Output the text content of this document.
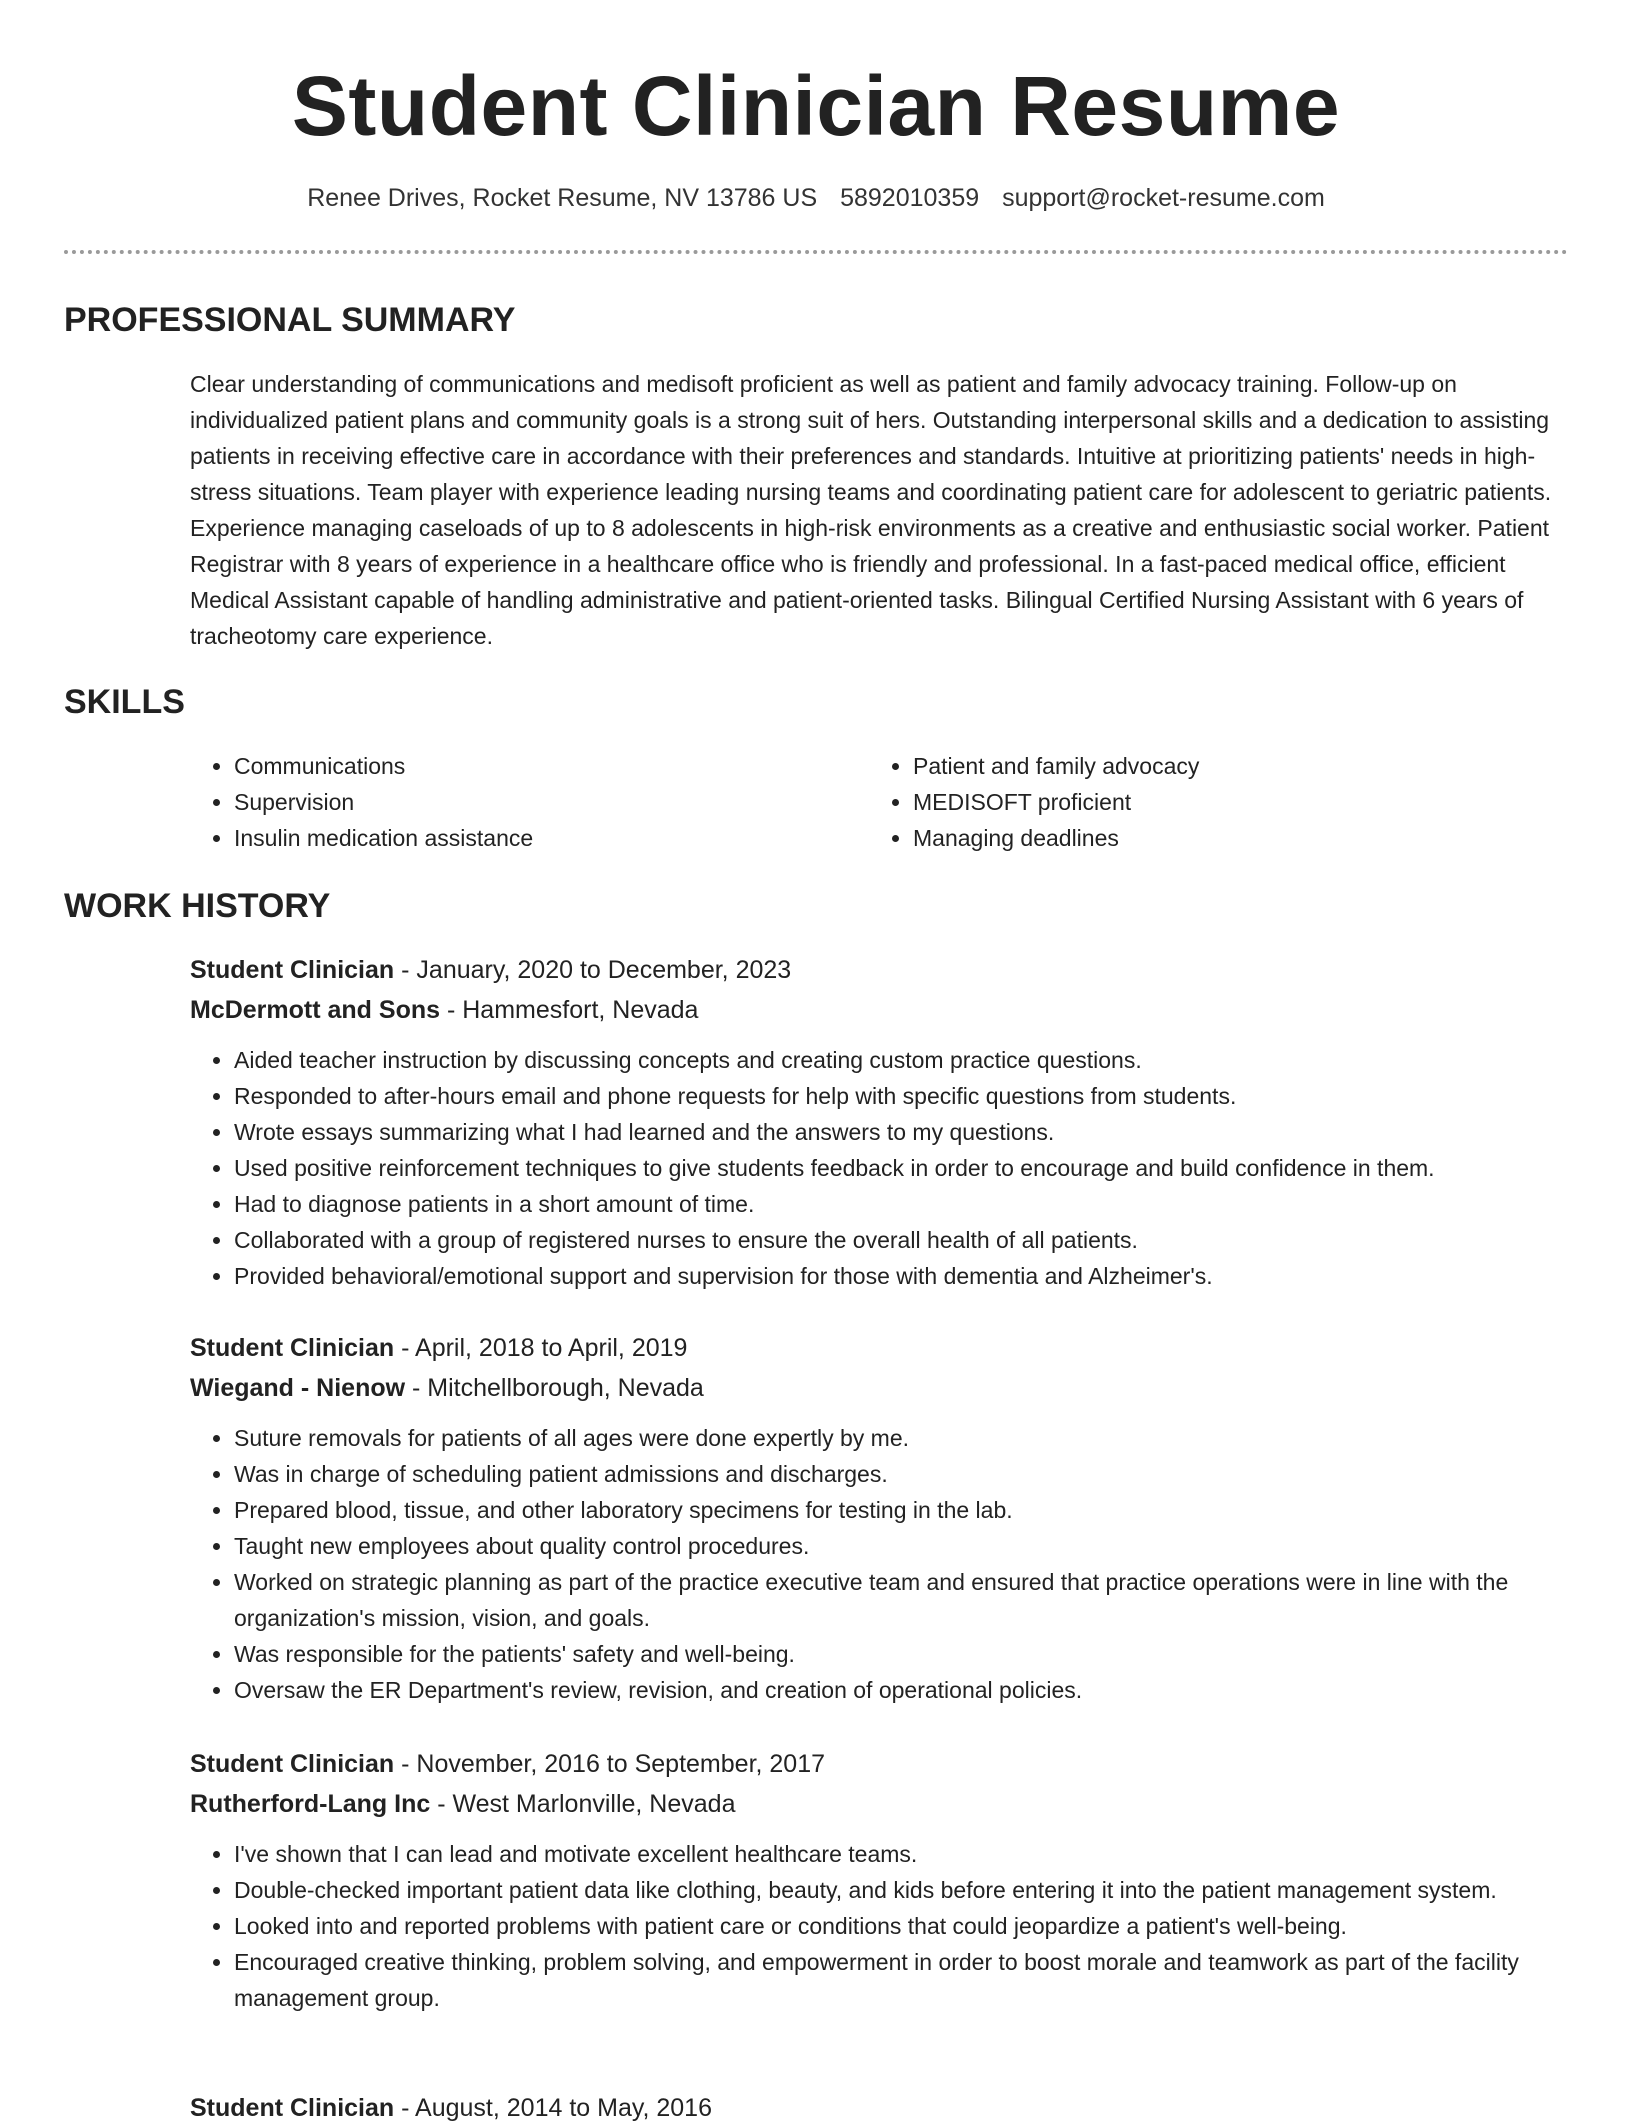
Student Clinician Resume
Renee Drives, Rocket Resume, NV 13786 US 5892010359 support@rocket-resume.com
PROFESSIONAL SUMMARY

Clear understanding of communications and medisoft proficient as well as patient and family advocacy training. Follow-up on individualized patient plans and community goals is a strong suit of hers. Outstanding interpersonal skills and a dedication to assisting patients in receiving effective care in accordance with their preferences and standards. Intuitive at prioritizing patients' needs in high-stress situations. Team player with experience leading nursing teams and coordinating patient care for adolescent to geriatric patients. Experience managing caseloads of up to 8 adolescents in high-risk environments as a creative and enthusiastic social worker. Patient Registrar with 8 years of experience in a healthcare office who is friendly and professional. In a fast-paced medical office, efficient Medical Assistant capable of handling administrative and patient-oriented tasks. Bilingual Certified Nursing Assistant with 6 years of tracheotomy care experience.

SKILLS
• Communications
• Supervision
• Insulin medication assistance
• Patient and family advocacy
• MEDISOFT proficient
• Managing deadlines
WORK HISTORY
Student Clinician - January, 2020 to December, 2023
McDermott and Sons - Hammesfort, Nevada
• Aided teacher instruction by discussing concepts and creating custom practice questions.
• Responded to after-hours email and phone requests for help with specific questions from students.
• Wrote essays summarizing what I had learned and the answers to my questions.
• Used positive reinforcement techniques to give students feedback in order to encourage and build confidence in them.
• Had to diagnose patients in a short amount of time.
• Collaborated with a group of registered nurses to ensure the overall health of all patients.
• Provided behavioral/emotional support and supervision for those with dementia and Alzheimer's.
Student Clinician - April, 2018 to April, 2019
Wiegand - Nienow - Mitchellborough, Nevada
• Suture removals for patients of all ages were done expertly by me.
• Was in charge of scheduling patient admissions and discharges.
• Prepared blood, tissue, and other laboratory specimens for testing in the lab.
• Taught new employees about quality control procedures.
• Worked on strategic planning as part of the practice executive team and ensured that practice operations were in line with the organization's mission, vision, and goals.
• Was responsible for the patients' safety and well-being.
• Oversaw the ER Department's review, revision, and creation of operational policies.
Student Clinician - November, 2016 to September, 2017
Rutherford-Lang Inc - West Marlonville, Nevada
• I've shown that I can lead and motivate excellent healthcare teams.
• Double-checked important patient data like clothing, beauty, and kids before entering it into the patient management system.
• Looked into and reported problems with patient care or conditions that could jeopardize a patient's well-being.
• Encouraged creative thinking, problem solving, and empowerment in order to boost morale and teamwork as part of the facility management group.
Student Clinician - August, 2014 to May, 2016
